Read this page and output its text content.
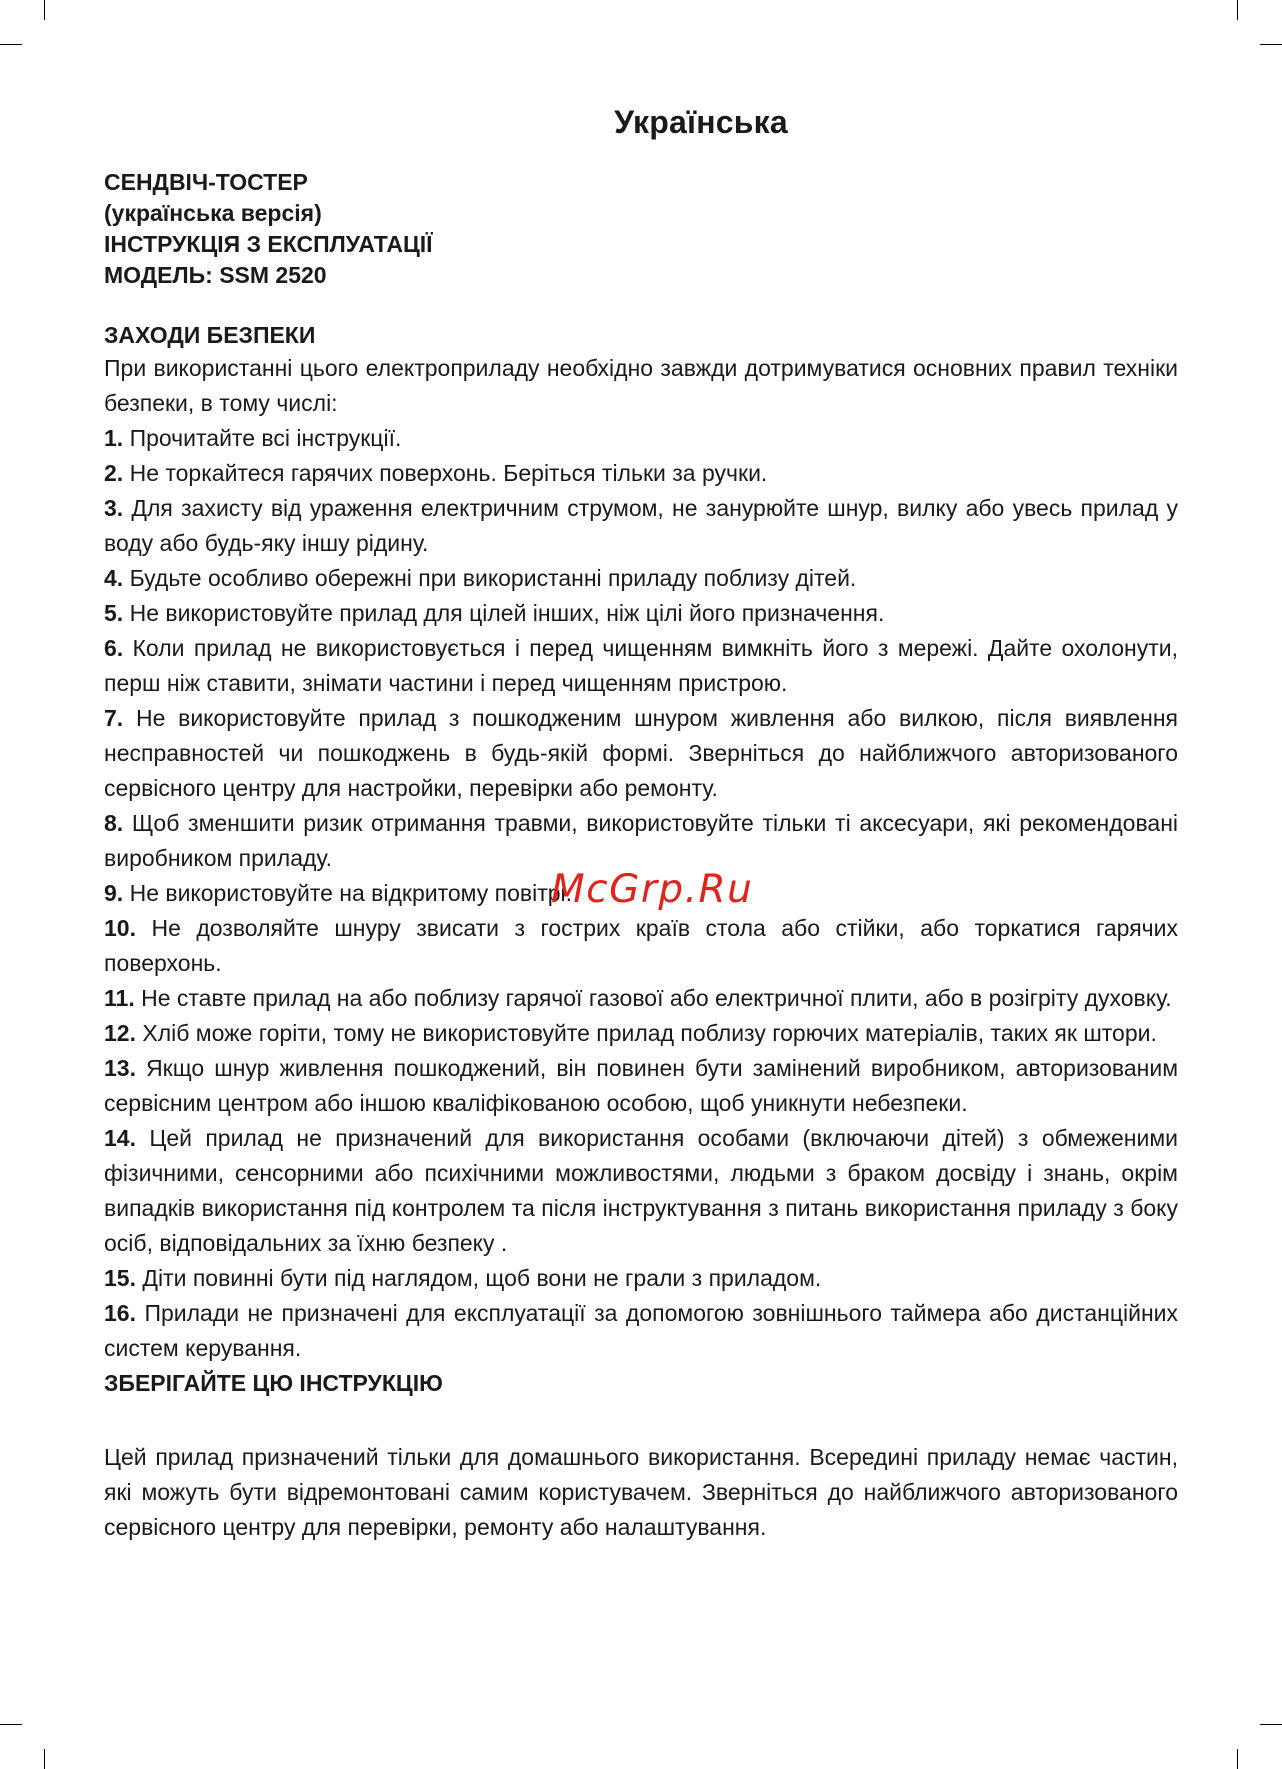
Українська
СЕНДВІЧ-ТОСТЕР
(українська версія)
ІНСТРУКЦІЯ З ЕКСПЛУАТАЦІЇ
МОДЕЛЬ: SSM 2520
ЗАХОДИ БЕЗПЕКИ
При використанні цього електроприладу необхідно завжди дотримуватися основних правил техніки безпеки, в тому числі:
1. Прочитайте всі інструкції.
2. Не торкайтеся гарячих поверхонь. Беріться тільки за ручки.
3. Для захисту від ураження електричним струмом, не занурюйте шнур, вилку або увесь прилад у воду або будь-яку іншу рідину.
4. Будьте особливо обережні при використанні приладу поблизу дітей.
5. Не використовуйте прилад для цілей інших, ніж цілі його призначення.
6. Коли прилад не використовується і перед чищенням вимкніть його з мережі. Дайте охолонути, перш ніж ставити, знімати частини і перед чищенням пристрою.
7. Не використовуйте прилад з пошкодженим шнуром живлення або вилкою, після виявлення несправностей чи пошкоджень в будь-якій формі. Зверніться до найближчого авторизованого сервісного центру для настройки, перевірки або ремонту.
8. Щоб зменшити ризик отримання травми, використовуйте тільки ті аксесуари, які рекомендовані виробником приладу.
9. Не використовуйте на відкритому повітрі.
10. Не дозволяйте шнуру звисати з гострих країв стола або стійки, або торкатися гарячих поверхонь.
11. Не ставте прилад на або поблизу гарячої газової або електричної плити, або в розігріту духовку.
12. Хліб може горіти, тому не використовуйте прилад поблизу горючих матеріалів, таких як штори.
13. Якщо шнур живлення пошкоджений, він повинен бути замінений виробником, авторизованим сервісним центром або іншою кваліфікованою особою, щоб уникнути небезпеки.
14. Цей прилад не призначений для використання особами (включаючи дітей) з обмеженими фізичними, сенсорними або психічними можливостями, людьми з браком досвіду і знань, окрім випадків використання під контролем та після інструктування з питань використання приладу з боку осіб, відповідальних за їхню безпеку .
15. Діти повинні бути під наглядом, щоб вони не грали з приладом.
16. Прилади не призначені для експлуатації за допомогою зовнішнього таймера або дистанційних систем керування.
ЗБЕРІГАЙТЕ ЦЮ ІНСТРУКЦІЮ
Цей прилад призначений тільки для домашнього використання. Всередині приладу немає частин, які можуть бути відремонтовані самим користувачем. Зверніться до найближчого авторизованого сервісного центру для перевірки, ремонту або налаштування.
McGrp.Ru
